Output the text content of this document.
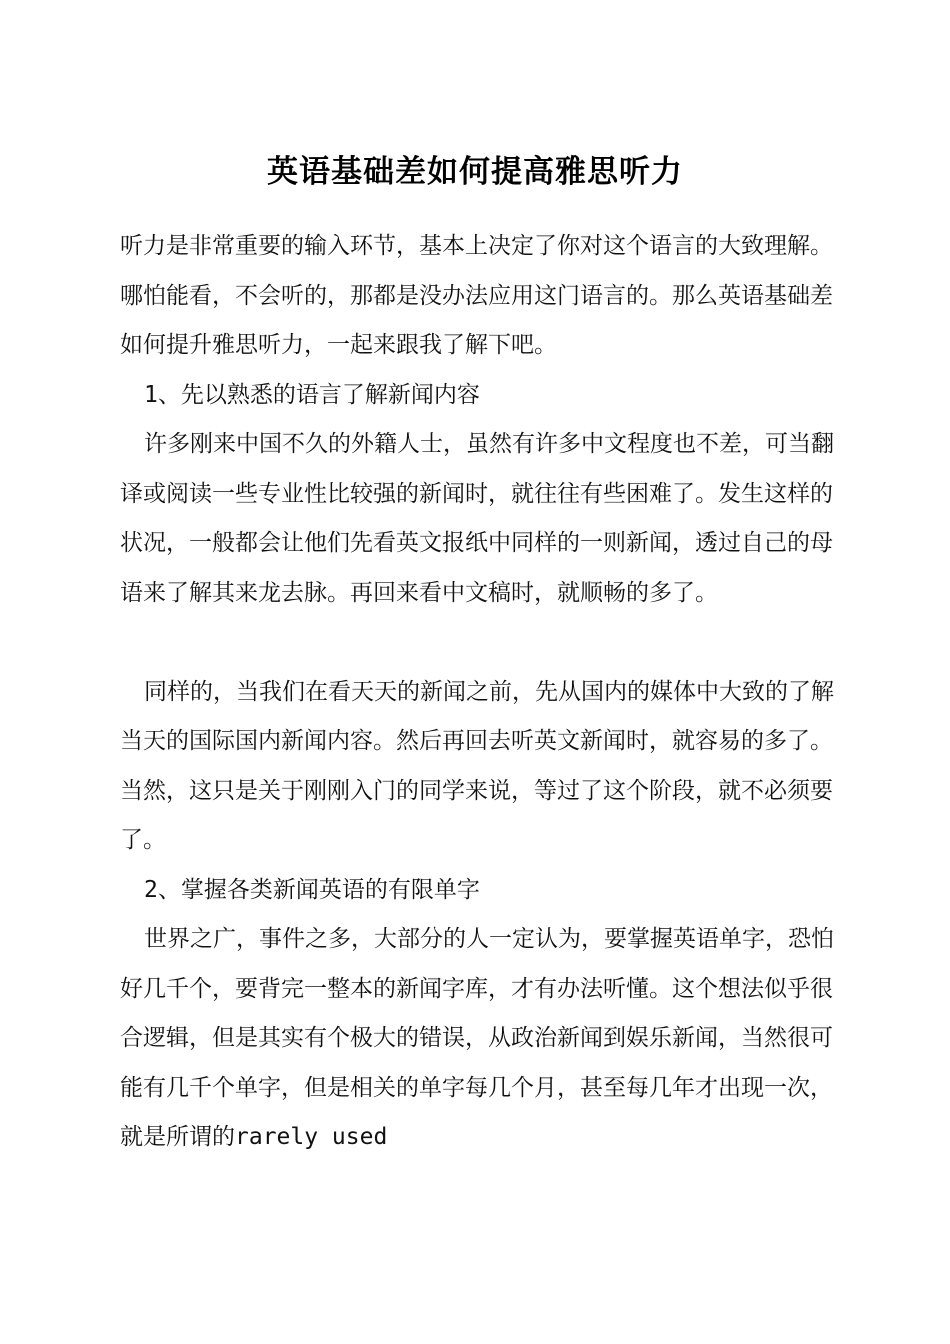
英语基础差如何提高雅思听力

听力是非常重要的输入环节，基本上决定了你对这个语言的大致理解。哪怕能看，不会听的，那都是没办法应用这门语言的。那么英语基础差如何提升雅思听力，一起来跟我了解下吧。

1、先以熟悉的语言了解新闻内容

许多刚来中国不久的外籍人士，虽然有许多中文程度也不差，可当翻译或阅读一些专业性比较强的新闻时，就往往有些困难了。发生这样的状况，一般都会让他们先看英文报纸中同样的一则新闻，透过自己的母语来了解其来龙去脉。再回来看中文稿时，就顺畅的多了。

同样的，当我们在看天天的新闻之前，先从国内的媒体中大致的了解当天的国际国内新闻内容。然后再回去听英文新闻时，就容易的多了。当然，这只是关于刚刚入门的同学来说，等过了这个阶段，就不必须要了。

2、掌握各类新闻英语的有限单字

世界之广，事件之多，大部分的人一定认为，要掌握英语单字，恐怕好几千个，要背完一整本的新闻字库，才有办法听懂。这个想法似乎很合逻辑，但是其实有个极大的错误，从政治新闻到娱乐新闻，当然很可能有几千个单字，但是相关的单字每几个月，甚至每几年才出现一次，就是所谓的rarely used
